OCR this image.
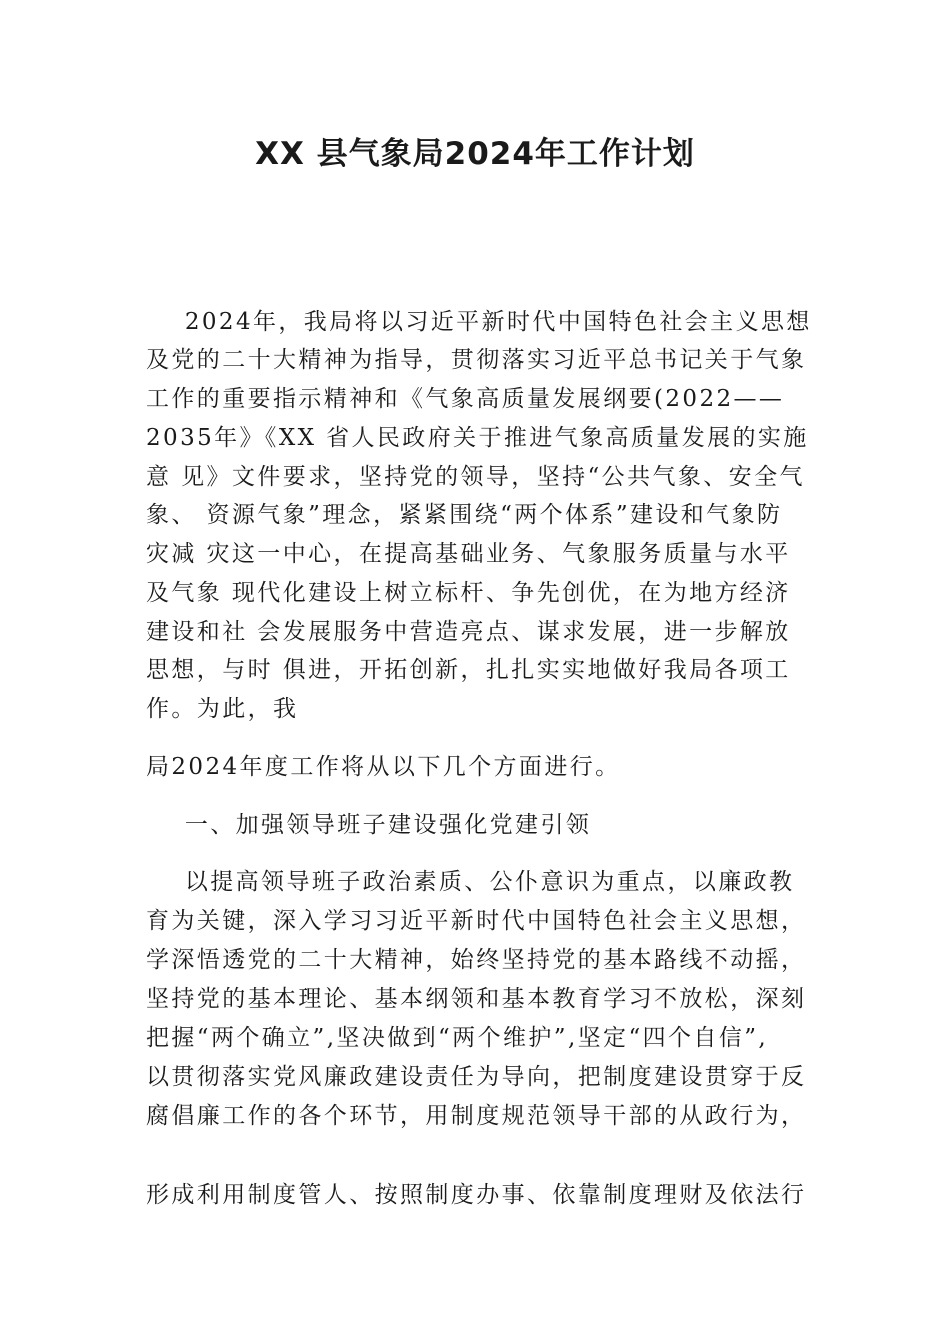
XX 县气象局2024年工作计划

2024年，我局将以习近平新时代中国特色社会主义思想

及党的二十大精神为指导，贯彻落实习近平总书记关于气象

工作的重要指示精神和《气象高质量发展纲要(2022——

2035年》《XX 省人民政府关于推进气象高质量发展的实施

意 见》文件要求，坚持党的领导，坚持“公共气象、安全气

象、 资源气象”理念，紧紧围绕“两个体系”建设和气象防

灾减 灾这一中心，在提高基础业务、气象服务质量与水平

及气象 现代化建设上树立标杆、争先创优，在为地方经济

建设和社 会发展服务中营造亮点、谋求发展，进一步解放

思想，与时 俱进，开拓创新，扎扎实实地做好我局各项工

作。为此，我

局2024年度工作将从以下几个方面进行。

一、加强领导班子建设强化党建引领

以提高领导班子政治素质、公仆意识为重点，以廉政教

育为关键，深入学习习近平新时代中国特色社会主义思想，

学深悟透党的二十大精神，始终坚持党的基本路线不动摇，

坚持党的基本理论、基本纲领和基本教育学习不放松，深刻

把握“两个确立”,坚决做到“两个维护”,坚定“四个自信”,

以贯彻落实党风廉政建设责任为导向，把制度建设贯穿于反

腐倡廉工作的各个环节，用制度规范领导干部的从政行为，

形成利用制度管人、按照制度办事、依靠制度理财及依法行
